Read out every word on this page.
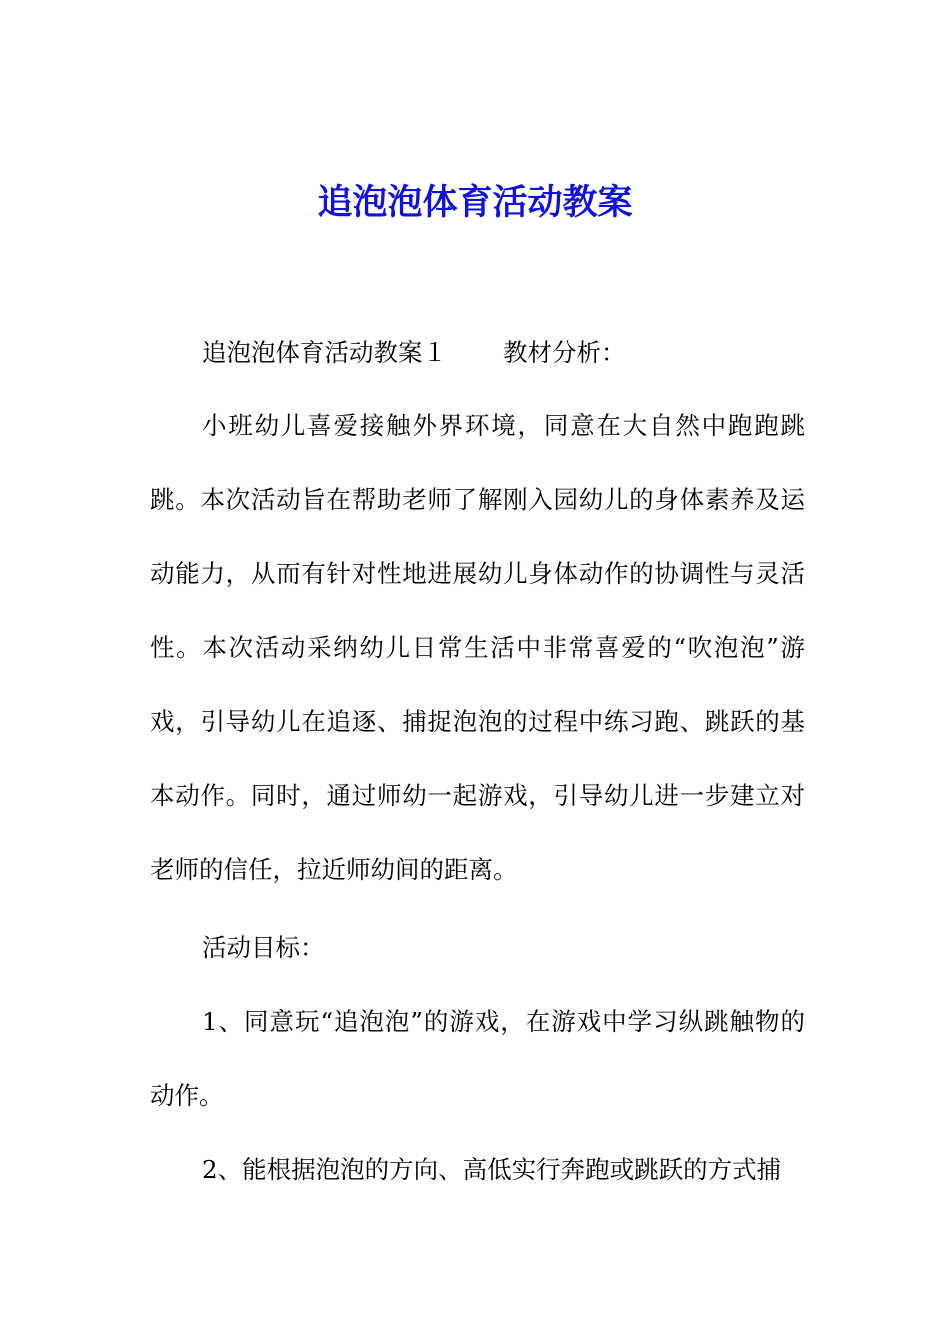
追泡泡体育活动教案

追泡泡体育活动教案１ 教材分析：

小班幼儿喜爱接触外界环境，同意在大自然中跑跑跳跳。本次活动旨在帮助老师了解刚入园幼儿的身体素养及运动能力，从而有针对性地进展幼儿身体动作的协调性与灵活性。本次活动采纳幼儿日常生活中非常喜爱的“吹泡泡”游戏，引导幼儿在追逐、捕捉泡泡的过程中练习跑、跳跃的基本动作。同时，通过师幼一起游戏，引导幼儿进一步建立对老师的信任，拉近师幼间的距离。

活动目标：

1、同意玩“追泡泡”的游戏，在游戏中学习纵跳触物的动作。

2、能根据泡泡的方向、高低实行奔跑或跳跃的方式捕
